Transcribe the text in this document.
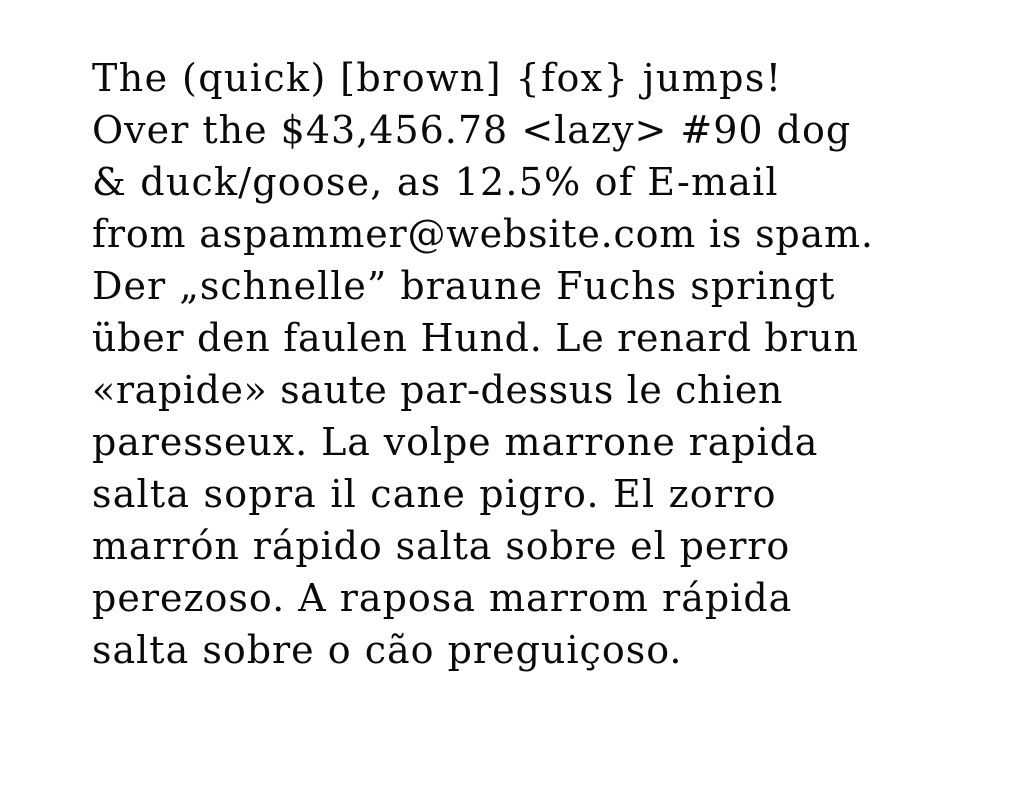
The (quick) [brown] {fox} jumps!
Over the $43,456.78 <lazy> #90 dog
& duck/goose, as 12.5% of E-mail
from aspammer@website.com is spam.
Der „schnelle” braune Fuchs springt
über den faulen Hund. Le renard brun
«rapide» saute par-dessus le chien
paresseux. La volpe marrone rapida
salta sopra il cane pigro. El zorro
marrón rápido salta sobre el perro
perezoso. A raposa marrom rápida
salta sobre o cão preguiçoso.
